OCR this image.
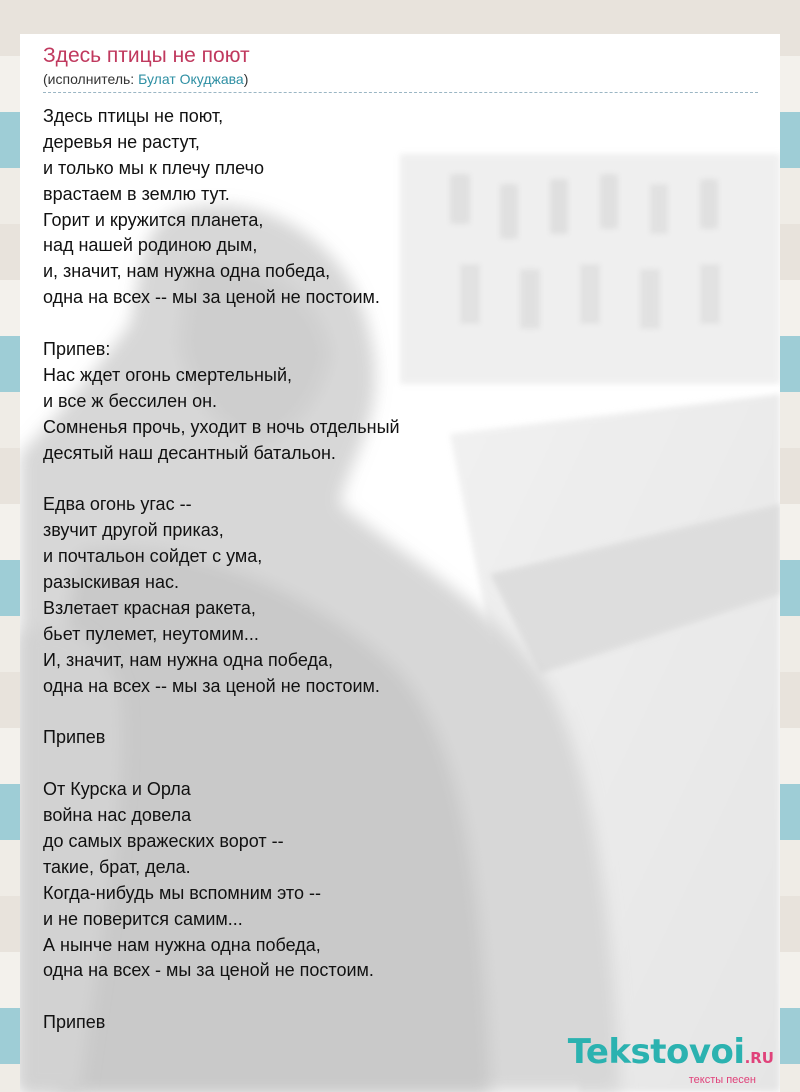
Здесь птицы не поют
(исполнитель: Булат Окуджава)
Здесь птицы не поют,
деревья не растут,
и только мы к плечу плечо
врастаем в землю тут.
Горит и кружится планета,
над нашей родиною дым,
и, значит, нам нужна одна победа,
одна на всех -- мы за ценой не постоим.
Припев:
Нас ждет огонь смертельный,
и все ж бессилен он.
Сомненья прочь, уходит в ночь отдельный
десятый наш десантный батальон.
Едва огонь угас --
звучит другой приказ,
и почтальон сойдет с ума,
разыскивая нас.
Взлетает красная ракета,
бьет пулемет, неутомим...
И, значит, нам нужна одна победа,
одна на всех -- мы за ценой не постоим.
Припев
От Курска и Орла
война нас довела
до самых вражеских ворот --
такие, брат, дела.
Когда-нибудь мы вспомним это --
и не поверится самим...
А нынче нам нужна одна победа,
одна на всех - мы за ценой не постоим.
Припев
Tekstovoi.RU
тексты песен
